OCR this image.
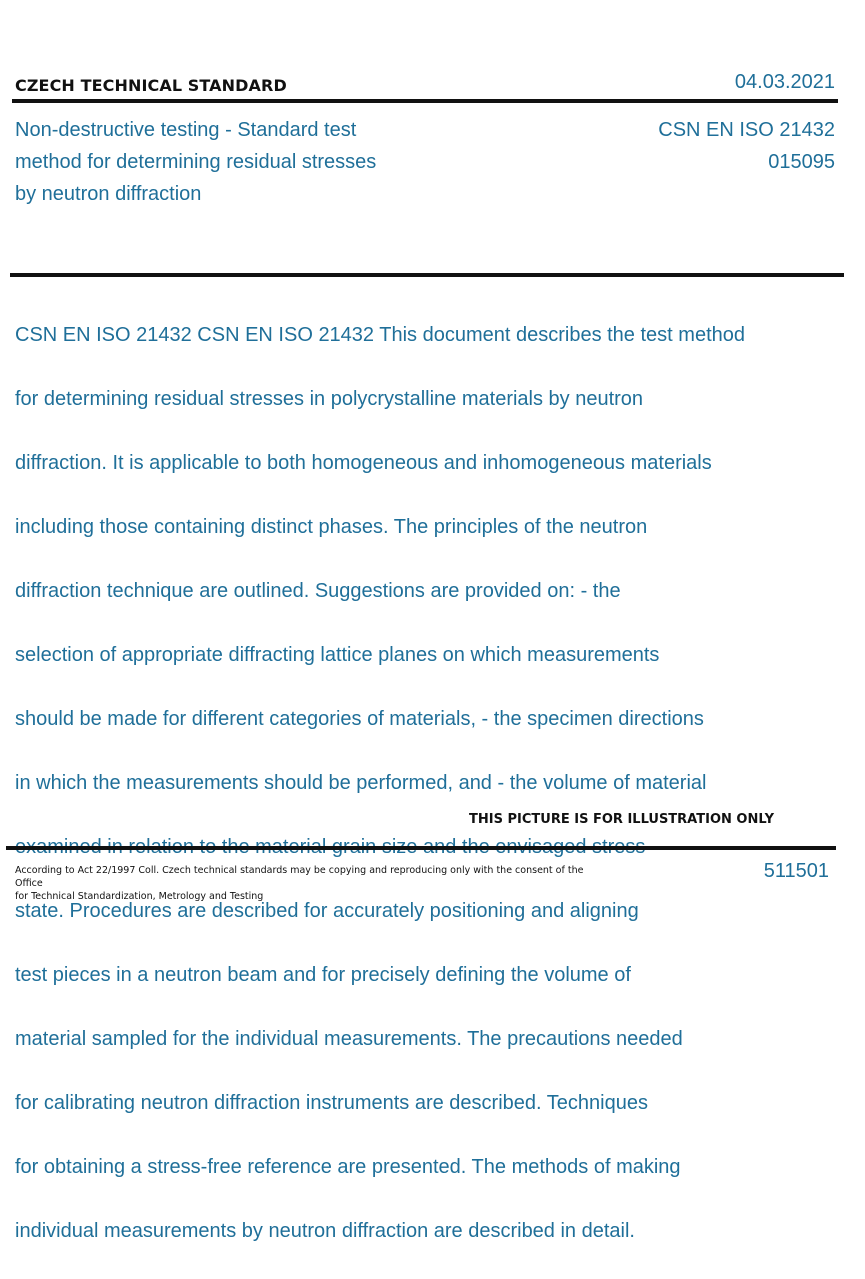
CZECH TECHNICAL STANDARD	04.03.2021
Non-destructive testing - Standard test
method for determining residual stresses
by neutron diffraction
CSN EN ISO 21432
015095

CSN EN ISO 21432 CSN EN ISO 21432 This document describes the test method

for determining residual stresses in polycrystalline materials by neutron

diffraction. It is applicable to both homogeneous and inhomogeneous materials

including those containing distinct phases. The principles of the neutron

diffraction technique are outlined. Suggestions are provided on: - the

selection of appropriate diffracting lattice planes on which measurements

should be made for different categories of materials, - the specimen directions

in which the measurements should be performed, and - the volume of material

state. Procedures are described for accurately positioning and aligning

test pieces in a neutron beam and for precisely defining the volume of

material sampled for the individual measurements. The precautions needed

for calibrating neutron diffraction instruments are described. Techniques

for obtaining a stress-free reference are presented. The methods of making

individual measurements by neutron diffraction are described in detail.

THIS PICTURE IS FOR ILLUSTRATION ONLY
According to Act 22/1997 Coll. Czech technical standards may be copying and reproducing only with the consent of the Office
for Technical Standardization, Metrology and Testing
511501
